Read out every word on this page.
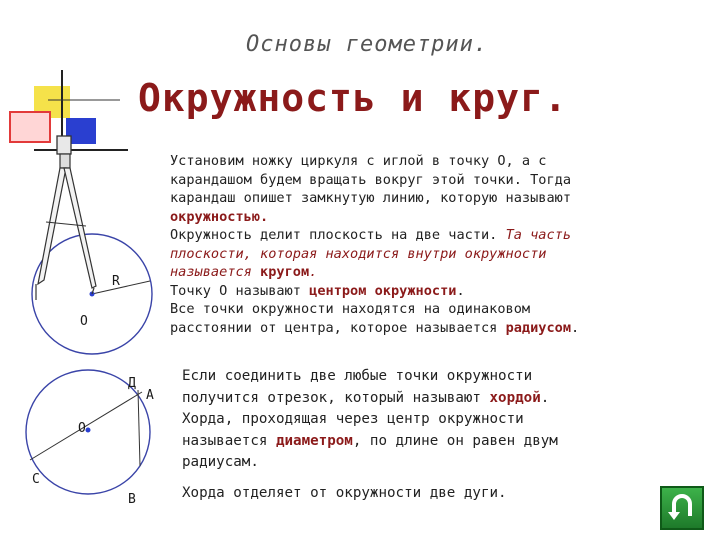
Основы геометрии.
Окружность и круг.
Установим ножку циркуля с иглой в точку О, а с
карандашом будем вращать вокруг этой точки. Тогда
карандаш опишет замкнутую линию, которую называют
окружностью.
Окружность делит плоскость на две части. Та часть
плоскости, которая находится внутри окружности
называется кругом.
Точку О называют центром окружности.
Все точки окружности находятся на одинаковом
расстоянии от центра, которое называется радиусом.
Если соединить две любые точки окружности
получится отрезок, который называют хордой.
Хорда, проходящая через центр окружности
называется диаметром, по длине он равен двум
радиусам.
Хорда отделяет от окружности две дуги.
R
О
Д
А
О
С
В
